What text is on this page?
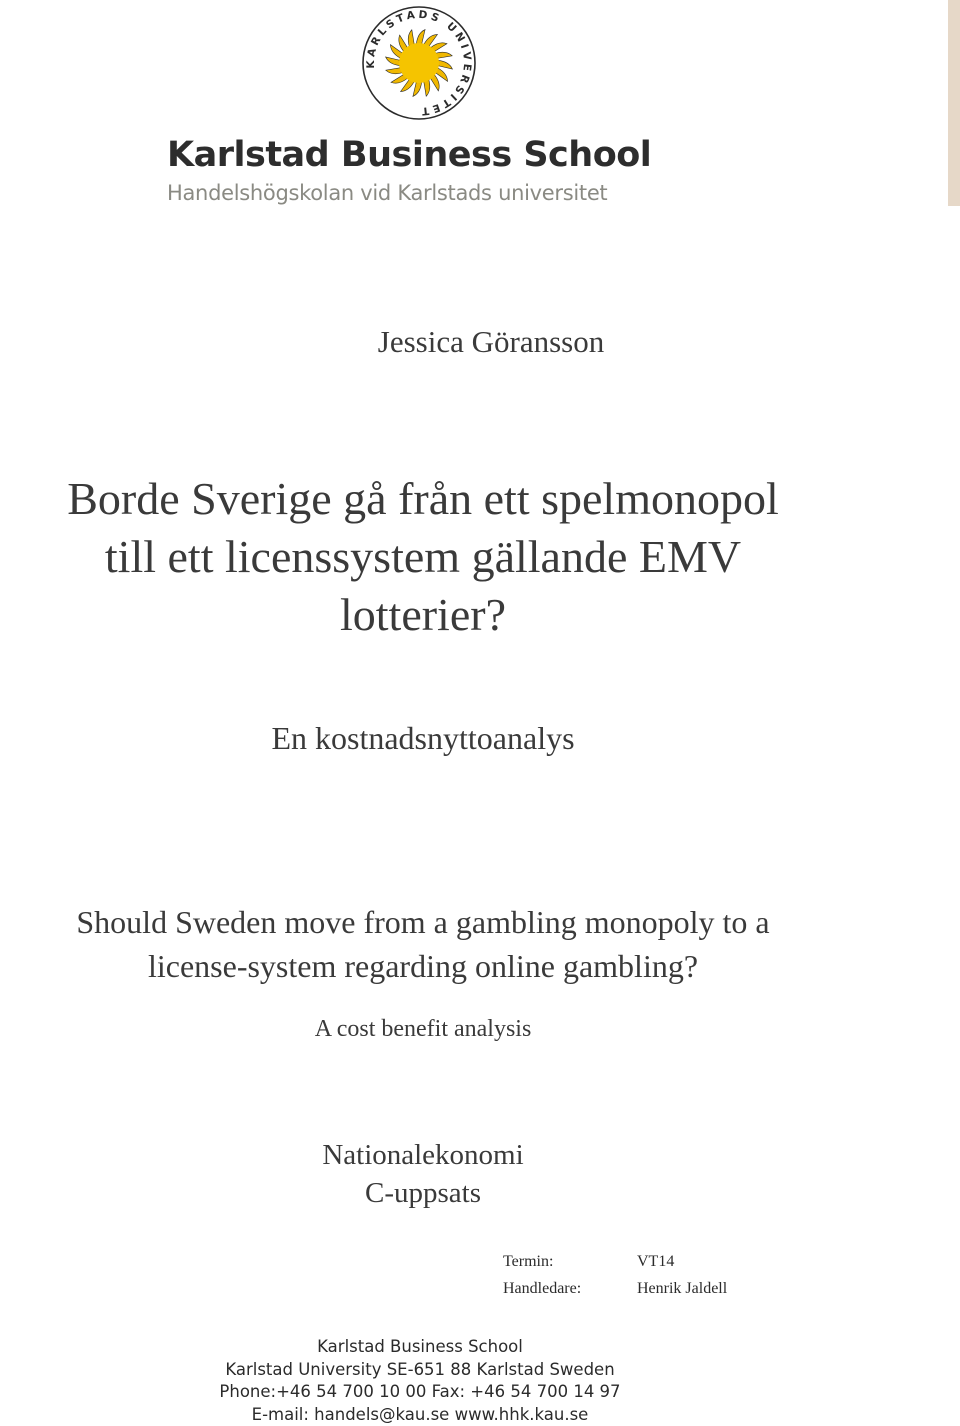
KARLSTADS UNIVERSITET
Karlstad Business School
Handelshögskolan vid Karlstads universitet
Jessica Göransson
Borde Sverige gå från ett spelmonopol
till ett licenssystem gällande EMV
lotterier?
En kostnadsnyttoanalys
Should Sweden move from a gambling monopoly to a
license-system regarding online gambling?
A cost benefit analysis
Nationalekonomi
C-uppsats
Termin:	VT14
Handledare:	Henrik Jaldell
Karlstad Business School
Karlstad University SE-651 88 Karlstad Sweden
Phone:+46 54 700 10 00 Fax: +46 54 700 14 97
E-mail: handels@kau.se www.hhk.kau.se
